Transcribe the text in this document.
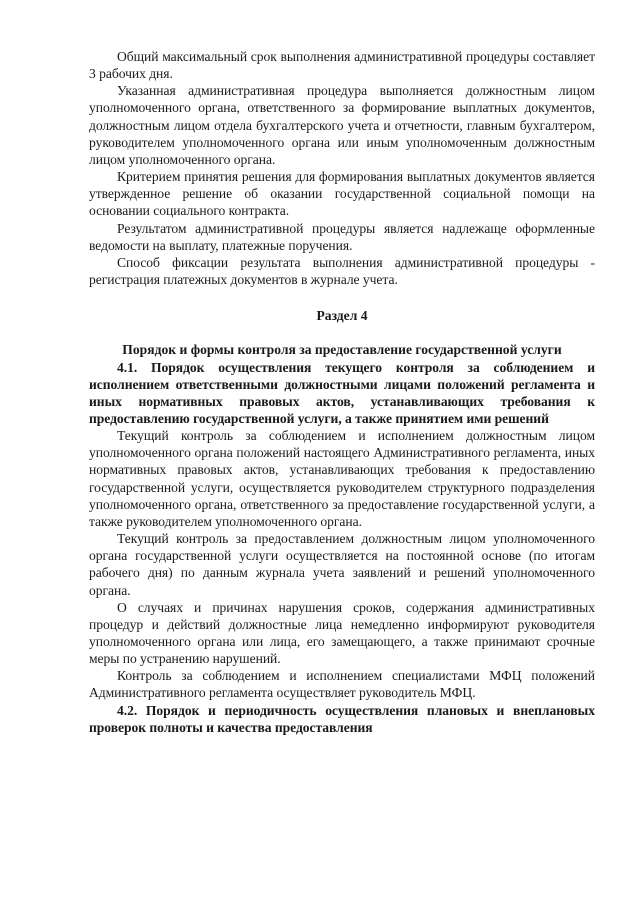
Общий максимальный срок выполнения административной процедуры составляет 3 рабочих дня.

Указанная административная процедура выполняется должностным лицом уполномоченного органа, ответственного за формирование выплатных документов, должностным лицом отдела бухгалтерского учета и отчетности, главным бухгалтером, руководителем уполномоченного органа или иным уполномоченным должностным лицом уполномоченного органа.

Критерием принятия решения для формирования выплатных документов является утвержденное решение об оказании государственной социальной помощи на основании социального контракта.

Результатом административной процедуры является надлежаще оформленные ведомости на выплату, платежные поручения.

Способ фиксации результата выполнения административной процедуры - регистрация платежных документов в журнале учета.

Раздел 4
Порядок и формы контроля за предоставление государственной услуги

4.1. Порядок осуществления текущего контроля за соблюдением и исполнением ответственными должностными лицами положений регламента и иных нормативных правовых актов, устанавливающих требования к предоставлению государственной услуги, а также принятием ими решений

Текущий контроль за соблюдением и исполнением должностным лицом уполномоченного органа положений настоящего Административного регламента, иных нормативных правовых актов, устанавливающих требования к предоставлению государственной услуги, осуществляется руководителем структурного подразделения уполномоченного органа, ответственного за предоставление государственной услуги, а также руководителем уполномоченного органа.

Текущий контроль за предоставлением должностным лицом уполномоченного органа государственной услуги осуществляется на постоянной основе (по итогам рабочего дня) по данным журнала учета заявлений и решений уполномоченного органа.

О случаях и причинах нарушения сроков, содержания административных процедур и действий должностные лица немедленно информируют руководителя уполномоченного органа или лица, его замещающего, а также принимают срочные меры по устранению нарушений.

Контроль за соблюдением и исполнением специалистами МФЦ положений Административного регламента осуществляет руководитель МФЦ.

4.2. Порядок и периодичность осуществления плановых и внеплановых проверок полноты и качества предоставления
